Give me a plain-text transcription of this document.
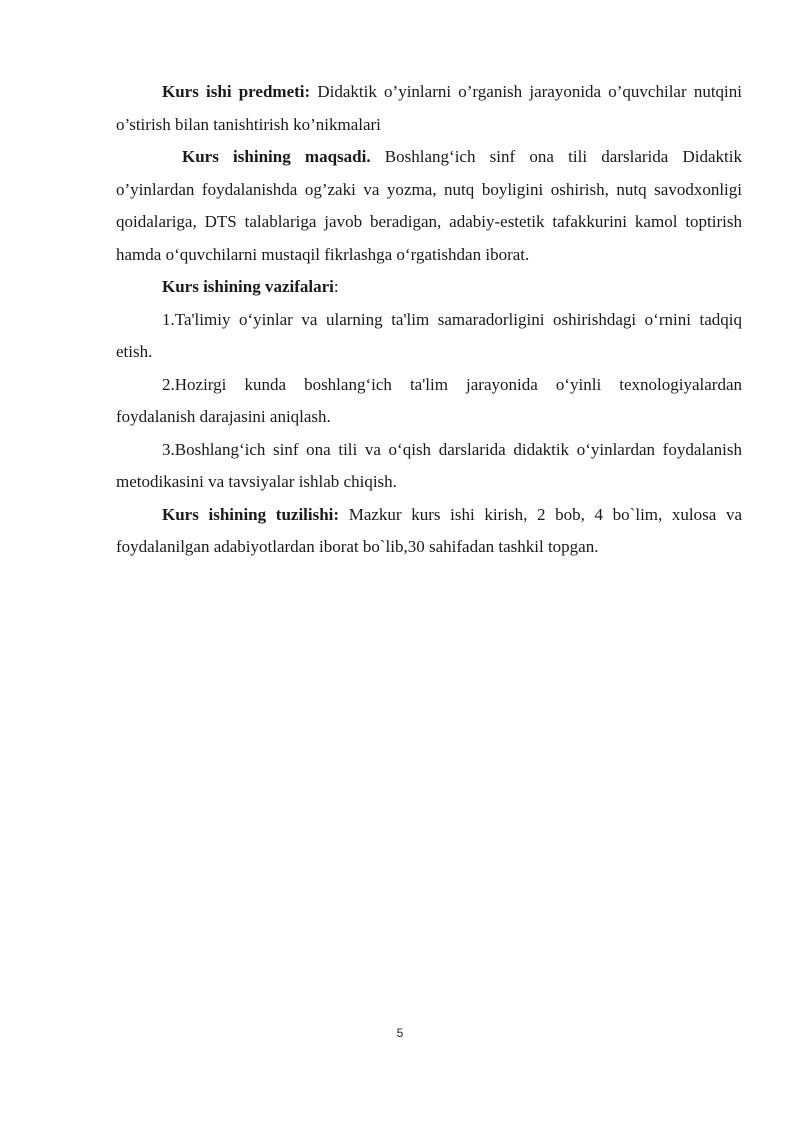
Kurs ishi predmeti: Didaktik o’yinlarni o’rganish jarayonida o’quvchilar nutqini o’stirish bilan tanishtirish ko’nikmalari

Kurs ishining maqsadi. Boshlang‘ich sinf ona tili darslarida Didaktik o’yinlardan foydalanishda og’zaki va yozma, nutq boyligini oshirish, nutq savodxonligi qoidalariga, DTS talablariga javob beradigan, adabiy-estetik tafakkurini kamol toptirish hamda o‘quvchilarni mustaqil fikrlashga o‘rgatishdan iborat.

Kurs ishining vazifalari:

1.Ta'limiy o‘yinlar va ularning ta'lim samaradorligini oshirishdagi o‘rnini tadqiq etish.

2.Hozirgi kunda boshlang‘ich ta'lim jarayonida o‘yinli texnologiyalardan foydalanish darajasini aniqlash.

3.Boshlang‘ich sinf ona tili va o‘qish darslarida didaktik o‘yinlardan foydalanish metodikasini va tavsiyalar ishlab chiqish.

Kurs ishining tuzilishi: Mazkur kurs ishi kirish, 2 bob, 4 bo`lim, xulosa va foydalanilgan adabiyotlardan iborat bo`lib,30 sahifadan tashkil topgan.

5
